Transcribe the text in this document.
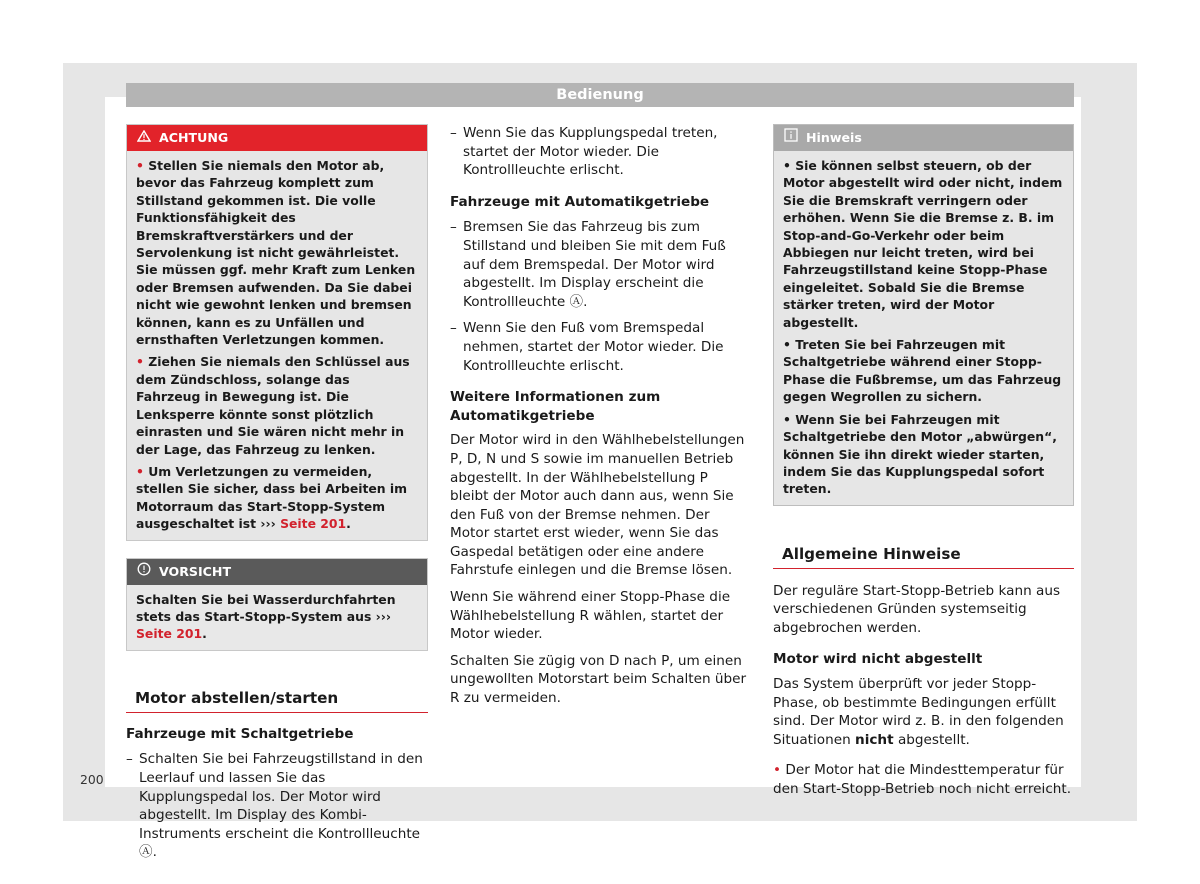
Bedienung
ACHTUNG

• Stellen Sie niemals den Motor ab, bevor das Fahrzeug komplett zum Stillstand gekommen ist. Die volle Funktionsfähigkeit des Bremskraftverstärkers und der Servolenkung ist nicht gewährleistet. Sie müssen ggf. mehr Kraft zum Lenken oder Bremsen aufwenden. Da Sie dabei nicht wie gewohnt lenken und bremsen können, kann es zu Unfällen und ernsthaften Verletzungen kommen.

• Ziehen Sie niemals den Schlüssel aus dem Zündschloss, solange das Fahrzeug in Bewegung ist. Die Lenksperre könnte sonst plötzlich einrasten und Sie wären nicht mehr in der Lage, das Fahrzeug zu lenken.

• Um Verletzungen zu vermeiden, stellen Sie sicher, dass bei Arbeiten im Motorraum das Start-Stopp-System ausgeschaltet ist ››› Seite 201.

VORSICHT

Schalten Sie bei Wasserdurchfahrten stets das Start-Stopp-System aus ››› Seite 201.

Motor abstellen/starten

Fahrzeuge mit Schaltgetriebe

– Schalten Sie bei Fahrzeugstillstand in den Leerlauf und lassen Sie das Kupplungspedal los. Der Motor wird abgestellt. Im Display des Kombi-Instruments erscheint die Kontrollleuchte Ⓐ.

– Wenn Sie das Kupplungspedal treten, startet der Motor wieder. Die Kontrollleuchte erlischt.

Fahrzeuge mit Automatikgetriebe

– Bremsen Sie das Fahrzeug bis zum Stillstand und bleiben Sie mit dem Fuß auf dem Bremspedal. Der Motor wird abgestellt. Im Display erscheint die Kontrollleuchte Ⓐ.

– Wenn Sie den Fuß vom Bremspedal nehmen, startet der Motor wieder. Die Kontrollleuchte erlischt.

Weitere Informationen zum Automatikgetriebe

Der Motor wird in den Wählhebelstellungen P, D, N und S sowie im manuellen Betrieb abgestellt. In der Wählhebelstellung P bleibt der Motor auch dann aus, wenn Sie den Fuß von der Bremse nehmen. Der Motor startet erst wieder, wenn Sie das Gaspedal betätigen oder eine andere Fahrstufe einlegen und die Bremse lösen.

Wenn Sie während einer Stopp-Phase die Wählhebelstellung R wählen, startet der Motor wieder.

Schalten Sie zügig von D nach P, um einen ungewollten Motorstart beim Schalten über R zu vermeiden.

Hinweis

• Sie können selbst steuern, ob der Motor abgestellt wird oder nicht, indem Sie die Bremskraft verringern oder erhöhen. Wenn Sie die Bremse z. B. im Stop-and-Go-Verkehr oder beim Abbiegen nur leicht treten, wird bei Fahrzeugstillstand keine Stopp-Phase eingeleitet. Sobald Sie die Bremse stärker treten, wird der Motor abgestellt.

• Treten Sie bei Fahrzeugen mit Schaltgetriebe während einer Stopp-Phase die Fußbremse, um das Fahrzeug gegen Wegrollen zu sichern.

• Wenn Sie bei Fahrzeugen mit Schaltgetriebe den Motor „abwürgen“, können Sie ihn direkt wieder starten, indem Sie das Kupplungspedal sofort treten.

Allgemeine Hinweise

Der reguläre Start-Stopp-Betrieb kann aus verschiedenen Gründen systemseitig abgebrochen werden.

Motor wird nicht abgestellt

Das System überprüft vor jeder Stopp-Phase, ob bestimmte Bedingungen erfüllt sind. Der Motor wird z. B. in den folgenden Situationen nicht abgestellt.

• Der Motor hat die Mindesttemperatur für den Start-Stopp-Betrieb noch nicht erreicht.

200
